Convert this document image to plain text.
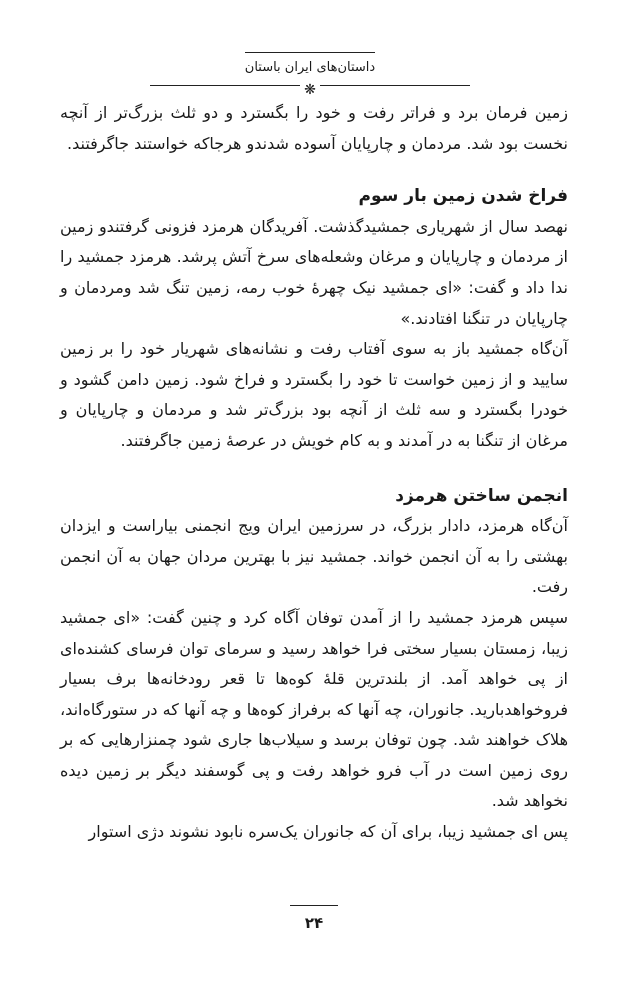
داستان‌های ایران باستان
❋

زمین فرمان برد و فراتر رفت و خود را بگسترد و دو ثلث بزرگ‌تر از آنچه نخست بود شد. مردمان و چارپایان آسوده شدندو هرجاکه خواستند جاگرفتند.

فراخ شدن زمین بار سوم

نهصد سال از شهریاری جمشیدگذشت. آفریدگان هرمزد فزونی گرفتندو زمین از مردمان و چارپایان و مرغان وشعله‌های سرخ آتش پرشد. هرمزد جمشید را ندا داد و گفت: «ای جمشید نیک چهرهٔ خوب رمه، زمین تنگ شد ومردمان و چارپایان در تنگنا افتادند.»

آن‌گاه جمشید باز به سوی آفتاب رفت و نشانه‌های شهریار خود را بر زمین سایید و از زمین خواست تا خود را بگسترد و فراخ شود. زمین دامن گشود و خودرا بگسترد و سه ثلث از آنچه بود بزرگ‌تر شد و مردمان و چارپایان و مرغان از تنگنا به در آمدند و به کام خویش در عرصهٔ زمین جاگرفتند.

انجمن ساختن هرمزد

آن‌گاه هرمزد، دادار بزرگ، در سرزمین ایران ویج انجمنی بیاراست و ایزدان بهشتی را به آن انجمن خواند. جمشید نیز با بهترین مردان جهان به آن انجمن رفت.

سپس هرمزد جمشید را از آمدن توفان آگاه کرد و چنین گفت: «ای جمشید زیبا، زمستان بسیار سختی فرا خواهد رسید و سرمای توان فرسای کشنده‌ای از پی خواهد آمد. از بلندترین قلهٔ کوه‌ها تا قعر رودخانه‌ها برف بسیار فروخواهدبارید. جانوران، چه آنها که برفراز کوه‌ها و چه آنها که در ستورگاه‌اند، هلاک خواهند شد. چون توفان برسد و سیلاب‌ها جاری شود چمنزارهایی که بر روی زمین است در آب فرو خواهد رفت و پی گوسفند دیگر بر زمین دیده نخواهد شد.

پس ای جمشید زیبا، برای آن که جانوران یک‌سره نابود نشوند دژی استوار

۲۴
